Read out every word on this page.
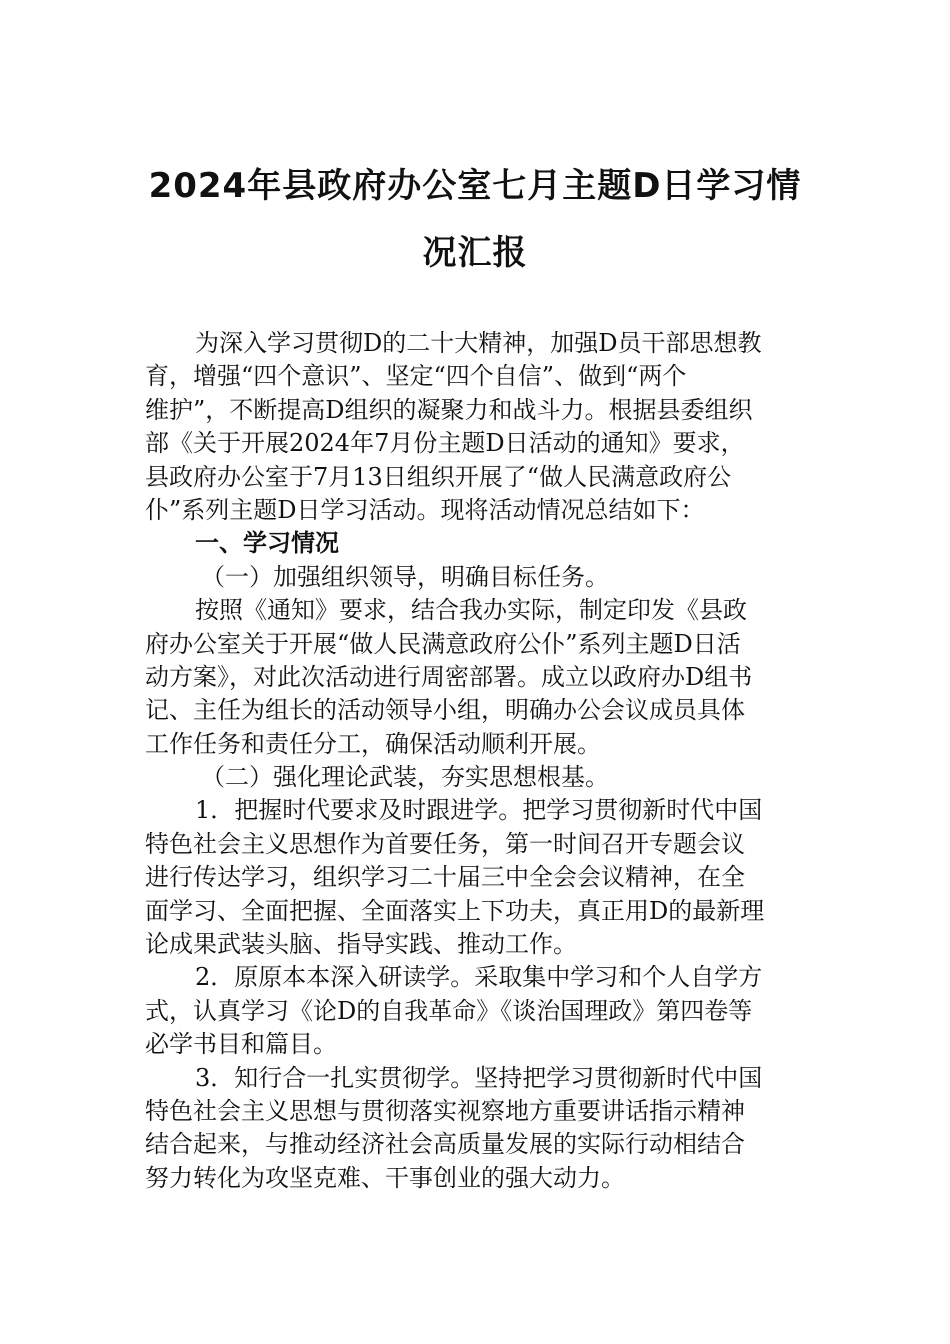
2024年县政府办公室七月主题D日学习情
况汇报
为深入学习贯彻D的二十大精神，加强D员干部思想教
育，增强“四个意识”、坚定“四个自信”、做到“两个
维护”，不断提高D组织的凝聚力和战斗力。根据县委组织
部《关于开展2024年7月份主题D日活动的通知》要求，
县政府办公室于7月13日组织开展了“做人民满意政府公
仆”系列主题D日学习活动。现将活动情况总结如下：
一、学习情况
（一）加强组织领导，明确目标任务。
按照《通知》要求，结合我办实际，制定印发《县政
府办公室关于开展“做人民满意政府公仆”系列主题D日活
动方案》，对此次活动进行周密部署。成立以政府办D组书
记、主任为组长的活动领导小组，明确办公会议成员具体
工作任务和责任分工，确保活动顺利开展。
（二）强化理论武装，夯实思想根基。
1．把握时代要求及时跟进学。把学习贯彻新时代中国
特色社会主义思想作为首要任务，第一时间召开专题会议
进行传达学习，组织学习二十届三中全会会议精神，在全
面学习、全面把握、全面落实上下功夫，真正用D的最新理
论成果武装头脑、指导实践、推动工作。
2．原原本本深入研读学。采取集中学习和个人自学方
式，认真学习《论D的自我革命》《谈治国理政》第四卷等
必学书目和篇目。
3．知行合一扎实贯彻学。坚持把学习贯彻新时代中国
特色社会主义思想与贯彻落实视察地方重要讲话指示精神
结合起来，与推动经济社会高质量发展的实际行动相结合
努力转化为攻坚克难、干事创业的强大动力。
